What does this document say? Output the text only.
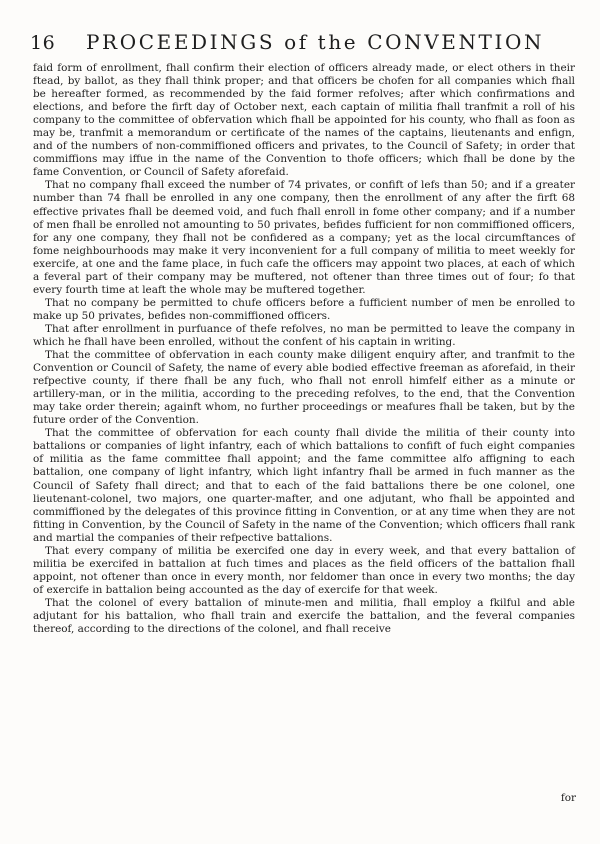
16 PROCEEDINGS of the CONVENTION

faid form of enrollment, fhall confirm their election of officers already made, or elect others in their ftead, by ballot, as they fhall think proper; and that officers be chofen for all companies which fhall be hereafter formed, as recommended by the faid former refolves; after which confirmations and elections, and before the firft day of October next, each captain of militia fhall tranfmit a roll of his company to the committee of obfervation which fhall be appointed for his county, who fhall as foon as may be, tranfmit a memorandum or certificate of the names of the captains, lieutenants and enfign, and of the numbers of non-commiffioned officers and privates, to the Council of Safety; in order that commiffions may iffue in the name of the Convention to thofe officers; which fhall be done by the fame Convention, or Council of Safety aforefaid.

That no company fhall exceed the number of 74 privates, or confift of lefs than 50; and if a greater number than 74 fhall be enrolled in any one company, then the enrollment of any after the firft 68 effective privates fhall be deemed void, and fuch fhall enroll in fome other company; and if a number of men fhall be enrolled not amounting to 50 privates, befides fufficient for non commiffioned officers, for any one company, they fhall not be confidered as a company; yet as the local circumftances of fome neighbourhoods may make it very inconvenient for a full company of militia to meet weekly for exercife, at one and the fame place, in fuch cafe the officers may appoint two places, at each of which a feveral part of their company may be muftered, not oftener than three times out of four; fo that every fourth time at leaft the whole may be muftered together.

That no company be permitted to chufe officers before a fufficient number of men be enrolled to make up 50 privates, befides non-commiffioned officers.

That after enrollment in purfuance of thefe refolves, no man be permitted to leave the company in which he fhall have been enrolled, without the confent of his captain in writing.

That the committee of obfervation in each county make diligent enquiry after, and tranfmit to the Convention or Council of Safety, the name of every able bodied effective freeman as aforefaid, in their refpective county, if there fhall be any fuch, who fhall not enroll himfelf either as a minute or artillery-man, or in the militia, according to the preceding refolves, to the end, that the Convention may take order therein; againft whom, no further proceedings or meafures fhall be taken, but by the future order of the Convention.

That the committee of obfervation for each county fhall divide the militia of their county into battalions or companies of light infantry, each of which battalions to confift of fuch eight companies of militia as the fame committee fhall appoint; and the fame committee alfo affigning to each battalion, one company of light infantry, which light infantry fhall be armed in fuch manner as the Council of Safety fhall direct; and that to each of the faid battalions there be one colonel, one lieutenant-colonel, two majors, one quarter-mafter, and one adjutant, who fhall be appointed and commiffioned by the delegates of this province fitting in Convention, or at any time when they are not fitting in Convention, by the Council of Safety in the name of the Convention; which officers fhall rank and martial the companies of their refpective battalions.

That every company of militia be exercifed one day in every week, and that every battalion of militia be exercifed in battalion at fuch times and places as the field officers of the battalion fhall appoint, not oftener than once in every month, nor feldomer than once in every two months; the day of exercife in battalion being accounted as the day of exercife for that week.

That the colonel of every battalion of minute-men and militia, fhall employ a fkilful and able adjutant for his battalion, who fhall train and exercife the battalion, and the feveral companies thereof, according to the directions of the colonel, and fhall receive

for
